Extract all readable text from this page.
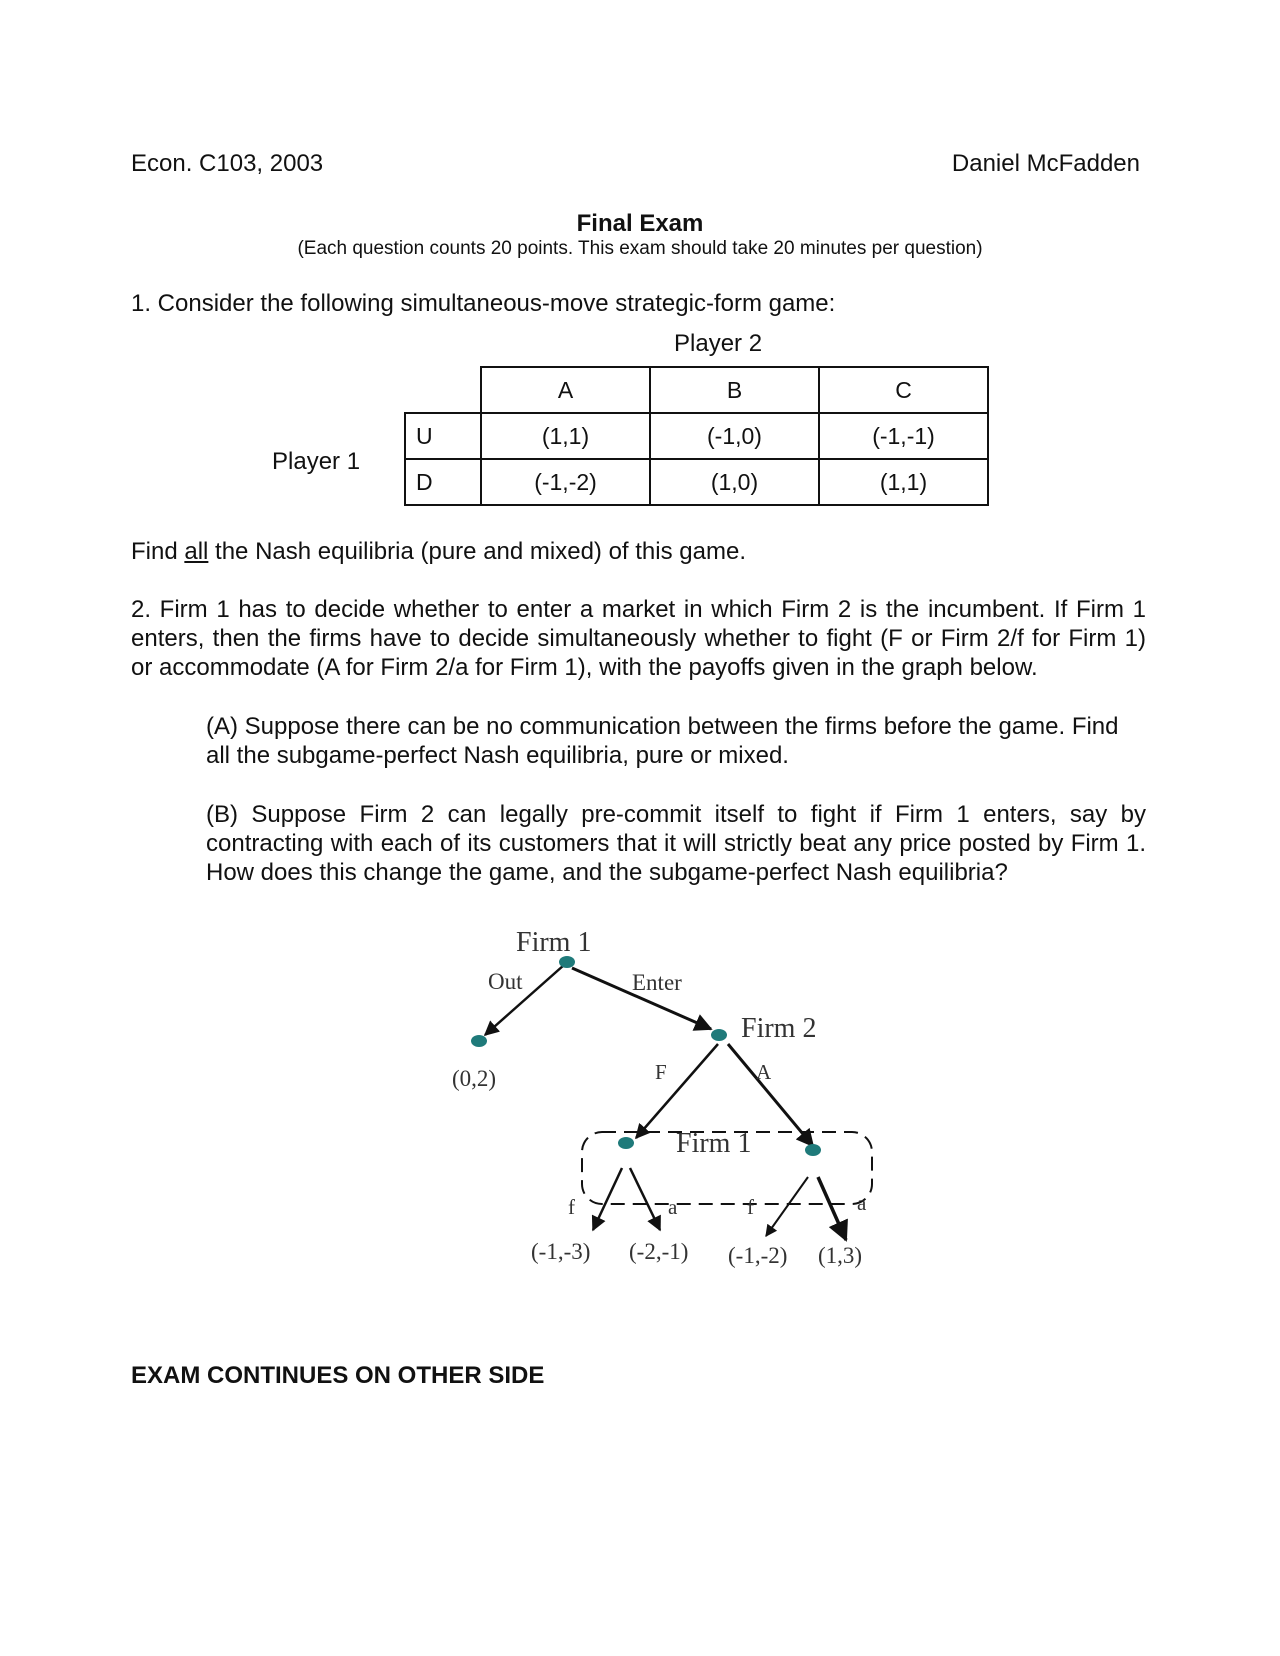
Econ. C103, 2003	Daniel McFadden
Final Exam
(Each question counts 20 points. This exam should take 20 minutes per question)
1. Consider the following simultaneous-move strategic-form game:
Player 2
Player 1
	A	B	C
U	(1,1)	(-1,0)	(-1,-1)
D	(-1,-2)	(1,0)	(1,1)
Find all the Nash equilibria (pure and mixed) of this game.
2. Firm 1 has to decide whether to enter a market in which Firm 2 is the incumbent. If Firm 1 enters, then the firms have to decide simultaneously whether to fight (F or Firm 2/f for Firm 1) or accommodate (A for Firm 2/a for Firm 1), with the payoffs given in the graph below.
(A) Suppose there can be no communication between the firms before the game. Find all the subgame-perfect Nash equilibria, pure or mixed.
(B) Suppose Firm 2 can legally pre-commit itself to fight if Firm 1 enters, say by contracting with each of its customers that it will strictly beat any price posted by Firm 1. How does this change the game, and the subgame-perfect Nash equilibria?
Firm 1
Out	Enter
Firm 2
(0,2)	F	A
Firm 1
f	a	f	a
(-1,-3) (-2,-1) (-1,-2) (1,3)
EXAM CONTINUES ON OTHER SIDE
